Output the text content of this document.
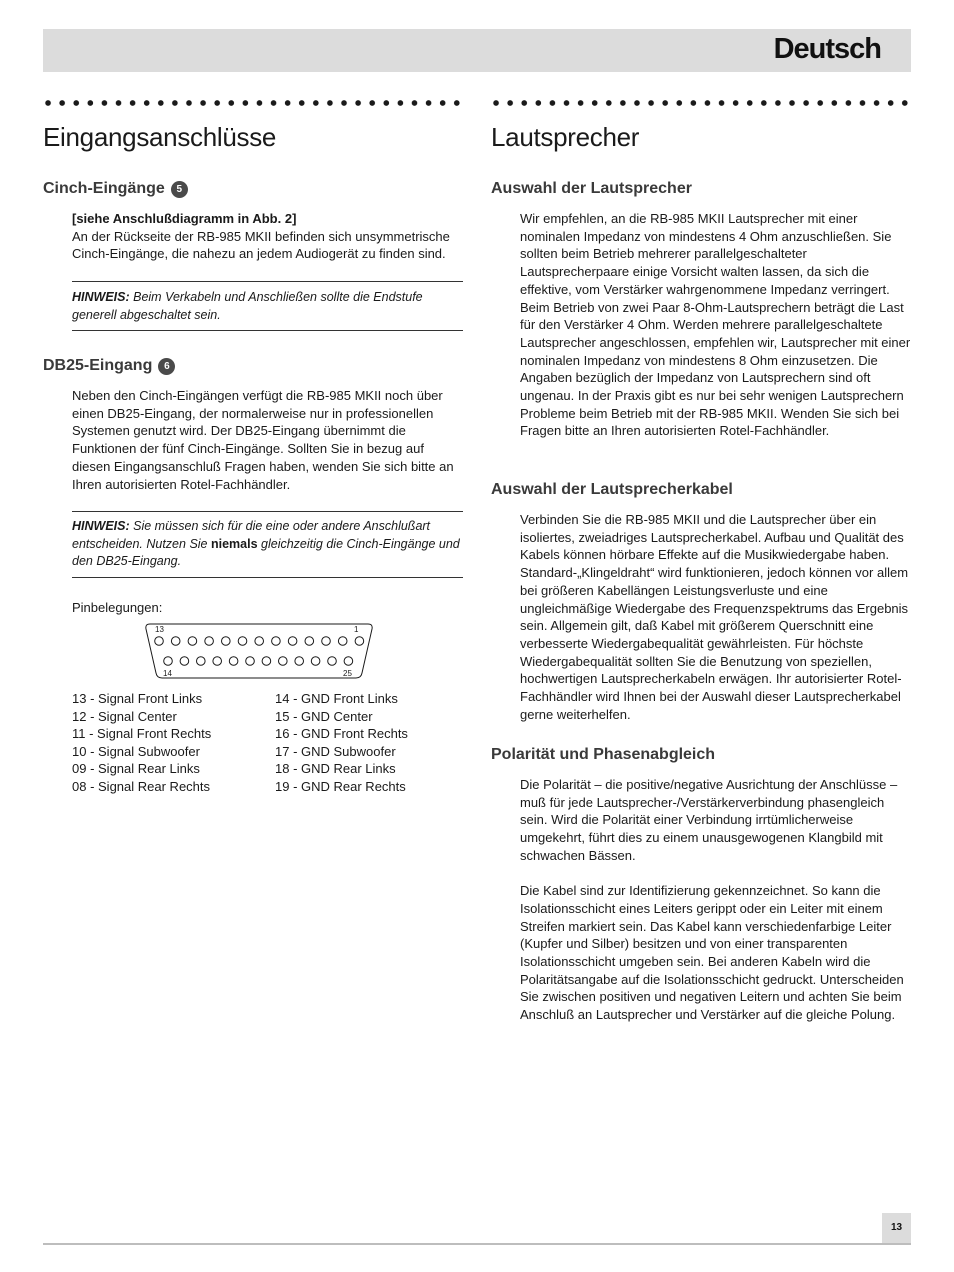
Deutsch
Eingangsanschlüsse
Cinch-Eingänge 5

[siehe Anschlußdiagramm in Abb. 2]

An der Rückseite der RB-985 MKII befinden sich unsymmetrische Cinch-Eingänge, die nahezu an jedem Audiogerät zu finden sind.

HINWEIS: Beim Verkabeln und Anschließen sollte die Endstufe generell abgeschaltet sein.
DB25-Eingang 6

Neben den Cinch-Eingängen verfügt die RB-985 MKII noch über einen DB25-Eingang, der normalerweise nur in professionellen Systemen genutzt wird. Der DB25-Eingang übernimmt die Funktionen der fünf Cinch-Eingänge. Sollten Sie in bezug auf diesen Eingangsanschluß Fragen haben, wenden Sie sich bitte an Ihren autorisierten Rotel-Fachhändler.

HINWEIS: Sie müssen sich für die eine oder andere Anschlußart entscheiden. Nutzen Sie niemals gleichzeitig die Cinch-Eingänge und den DB25-Eingang.
Pinbelegungen:
13	1
14	25
13 - Signal Front Links
12 - Signal Center
11 - Signal Front Rechts
10 - Signal Subwoofer
09 - Signal Rear Links
08 - Signal Rear Rechts
14 - GND Front Links
15 - GND Center
16 - GND Front Rechts
17 - GND Subwoofer
18 - GND Rear Links
19 - GND Rear Rechts
Lautsprecher
Auswahl der Lautsprecher

Wir empfehlen, an die RB-985 MKII Lautsprecher mit einer nominalen Impedanz von mindestens 4 Ohm anzuschließen. Sie sollten beim Betrieb mehrerer parallelgeschalteter Lautsprecherpaare einige Vorsicht walten lassen, da sich die effektive, vom Verstärker wahrgenommene Impedanz verringert. Beim Betrieb von zwei Paar 8-Ohm-Lautsprechern beträgt die Last für den Verstärker 4 Ohm. Werden mehrere parallelgeschaltete Lautsprecher angeschlossen, empfehlen wir, Lautsprecher mit einer nominalen Impedanz von mindestens 8 Ohm einzusetzen. Die Angaben bezüglich der Impedanz von Lautsprechern sind oft ungenau. In der Praxis gibt es nur bei sehr wenigen Lautsprechern Probleme beim Betrieb mit der RB-985 MKII. Wenden Sie sich bei Fragen bitte an Ihren autorisierten Rotel-Fachhändler.

Auswahl der Lautsprecherkabel

Verbinden Sie die RB-985 MKII und die Lautsprecher über ein isoliertes, zweiadriges Lautsprecherkabel. Aufbau und Qualität des Kabels können hörbare Effekte auf die Musikwiedergabe haben. Standard-„Klingeldraht“ wird funktionieren, jedoch können vor allem bei größeren Kabellängen Leistungsverluste und eine ungleichmäßige Wiedergabe des Frequenzspektrums das Ergebnis sein. Allgemein gilt, daß Kabel mit größerem Querschnitt eine verbesserte Wiedergabequalität gewährleisten. Für höchste Wiedergabequalität sollten Sie die Benutzung von speziellen, hochwertigen Lautsprecherkabeln erwägen. Ihr autorisierter Rotel-Fachhändler wird Ihnen bei der Auswahl dieser Lautsprecherkabel gerne weiterhelfen.

Polarität und Phasenabgleich

Die Polarität – die positive/negative Ausrichtung der Anschlüsse – muß für jede Lautsprecher-/Verstärkerverbindung phasengleich sein. Wird die Polarität einer Verbindung irrtümlicherweise umgekehrt, führt dies zu einem unausgewogenen Klangbild mit schwachen Bässen.

Die Kabel sind zur Identifizierung gekennzeichnet. So kann die Isolationsschicht eines Leiters gerippt oder ein Leiter mit einem Streifen markiert sein. Das Kabel kann verschiedenfarbige Leiter (Kupfer und Silber) besitzen und von einer transparenten Isolationsschicht umgeben sein. Bei anderen Kabeln wird die Polaritätsangabe auf die Isolationsschicht gedruckt. Unterscheiden Sie zwischen positiven und negativen Leitern und achten Sie beim Anschluß an Lautsprecher und Verstärker auf die gleiche Polung.

13
